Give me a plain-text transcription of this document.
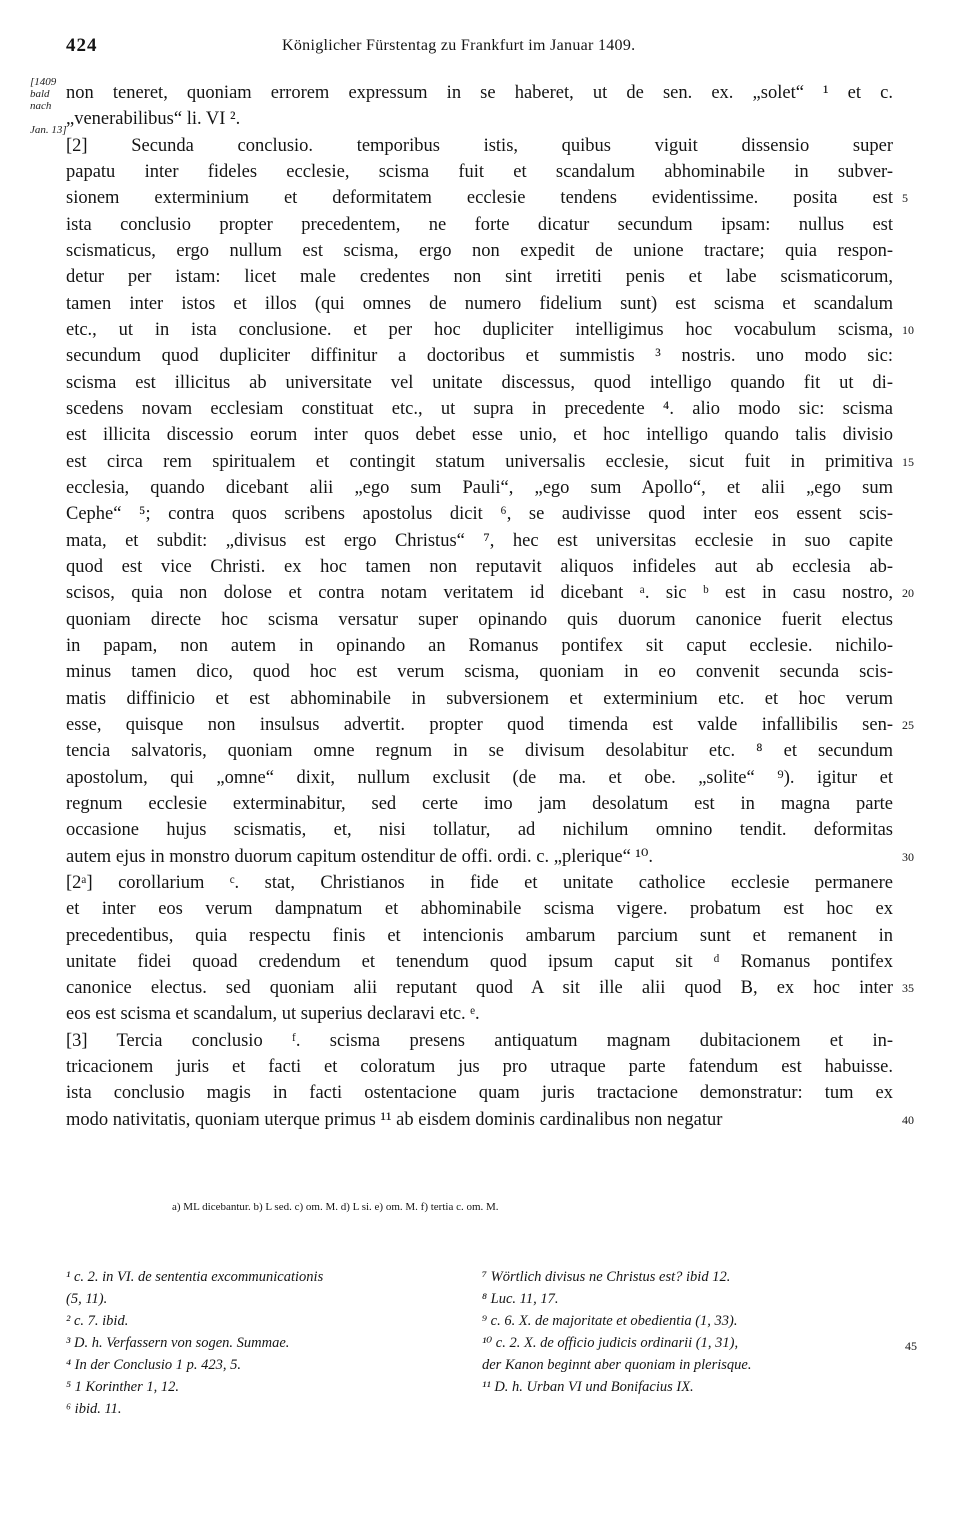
424	Königlicher Fürstentag zu Frankfurt im Januar 1409.
[1409
bald
nach
Jan. 13]
non teneret, quoniam errorem expressum in se haberet, ut de sen. ex. „solet“ ¹ et c.
„venerabilibus“ li. VI ².
[2] Secunda conclusio. temporibus istis, quibus viguit dissensio super
papatu inter fideles ecclesie, scisma fuit et scandalum abhominabile in subver-
sionem exterminium et deformitatem ecclesie tendens evidentissime. posita est
ista conclusio propter precedentem, ne forte dicatur secundum ipsam: nullus est
scismaticus, ergo nullum est scisma, ergo non expedit de unione tractare; quia respon-
detur per istam: licet male credentes non sint irretiti penis et labe scismaticorum,
tamen inter istos et illos (qui omnes de numero fidelium sunt) est scisma et scandalum
etc., ut in ista conclusione. et per hoc dupliciter intelligimus hoc vocabulum scisma,
secundum quod dupliciter diffinitur a doctoribus et summistis ³ nostris. uno modo sic:
scisma est illicitus ab universitate vel unitate discessus, quod intelligo quando fit ut di-
scedens novam ecclesiam constituat etc., ut supra in precedente ⁴. alio modo sic: scisma
est illicita discessio eorum inter quos debet esse unio, et hoc intelligo quando talis divisio
est circa rem spiritualem et contingit statum universalis ecclesie, sicut fuit in primitiva
ecclesia, quando dicebant alii „ego sum Pauli“, „ego sum Apollo“, et alii „ego sum
Cephe“ ⁵; contra quos scribens apostolus dicit ⁶, se audivisse quod inter eos essent scis-
mata, et subdit: „divisus est ergo Christus“ ⁷, hec est universitas ecclesie in suo capite
quod est vice Christi. ex hoc tamen non reputavit aliquos infideles aut ab ecclesia ab-
scisos, quia non dolose et contra notam veritatem id dicebant ᵃ. sic ᵇ est in casu nostro,
quoniam directe hoc scisma versatur super opinando quis duorum canonice fuerit electus
in papam, non autem in opinando an Romanus pontifex sit caput ecclesie. nichilo-
minus tamen dico, quod hoc est verum scisma, quoniam in eo convenit secunda scis-
matis diffinicio et est abhominabile in subversionem et exterminium etc. et hoc verum
esse, quisque non insulsus advertit. propter quod timenda est valde infallibilis sen-
tencia salvatoris, quoniam omne regnum in se divisum desolabitur etc. ⁸ et secundum
apostolum, qui „omne“ dixit, nullum exclusit (de ma. et obe. „solite“ ⁹). igitur et
regnum ecclesie exterminabitur, sed certe imo jam desolatum est in magna parte
occasione hujus scismatis, et, nisi tollatur, ad nichilum omnino tendit. deformitas
autem ejus in monstro duorum capitum ostenditur de offi. ordi. c. „plerique“ ¹⁰.
[2ᵃ] corollarium ᶜ. stat, Christianos in fide et unitate catholice ecclesie permanere
et inter eos verum dampnatum et abhominabile scisma vigere. probatum est hoc ex
precedentibus, quia respectu finis et intencionis ambarum parcium sunt et remanent in
unitate fidei quoad credendum et tenendum quod ipsum caput sit ᵈ Romanus pontifex
canonice electus. sed quoniam alii reputant quod A sit ille alii quod B, ex hoc inter
eos est scisma et scandalum, ut superius declaravi etc. ᵉ.
[3] Tercia conclusio ᶠ. scisma presens antiquatum magnam dubitacionem et in-
tricacionem juris et facti et coloratum jus pro utraque parte fatendum est habuisse.
ista conclusio magis in facti ostentacione quam juris tractacione demonstratur: tum ex
modo nativitatis, quoniam uterque primus ¹¹ ab eisdem dominis cardinalibus non negatur
5
10
15
20
25
30
35
40
a) ML dicebantur. b) L sed. c) om. M. d) L si. e) om. M. f) tertia c. om. M.
¹ c. 2. in VI. de sententia excommunicationis
(5, 11).
² c. 7. ibid.
³ D. h. Verfassern von sogen. Summae.
⁴ In der Conclusio 1 p. 423, 5.
⁵ 1 Korinther 1, 12.
⁶ ibid. 11.
⁷ Wörtlich divisus ne Christus est? ibid 12.
⁸ Luc. 11, 17.
⁹ c. 6. X. de majoritate et obedientia (1, 33).
¹⁰ c. 2. X. de officio judicis ordinarii (1, 31),
der Kanon beginnt aber quoniam in plerisque.
¹¹ D. h. Urban VI und Bonifacius IX.
45
